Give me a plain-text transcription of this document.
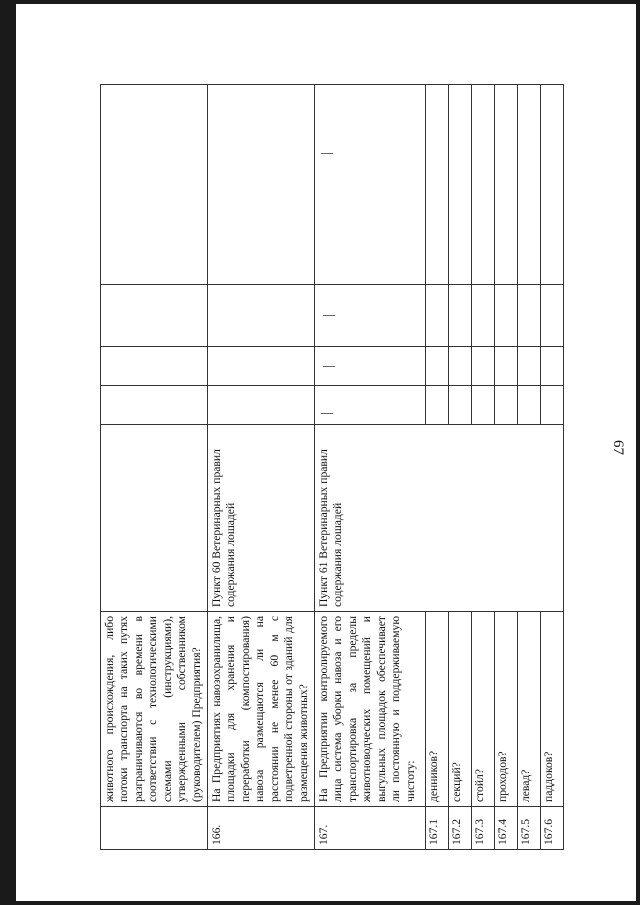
67
	животного происхождения, либо потоки транспорта на таких путях разграничиваются во времени в соответствии с технологическими схемами (инструкциями), утвержденными собственником (руководителем) Предприятия?					
166.	На Предприятиях навозохранилища, площадки для хранения и переработки (компостирования) навоза размещаются ли на расстоянии не менее 60 м с подветренной стороны от зданий для размещения животных?	Пункт 60 Ветеринарных правил содержания лошадей				
167.	На Предприятии контролируемого лица система уборки навоза и его транспортировка за пределы животноводческих помещений и выгульных площадок обеспечивает ли постоянную и поддерживаемую чистоту:	Пункт 61 Ветеринарных правил содержания лошадей	

167.1	денников?					
167.2	секций?					
167.3	стойл?					
167.4	проходов?					
167.5	левад?					
167.6	паддоков?					
